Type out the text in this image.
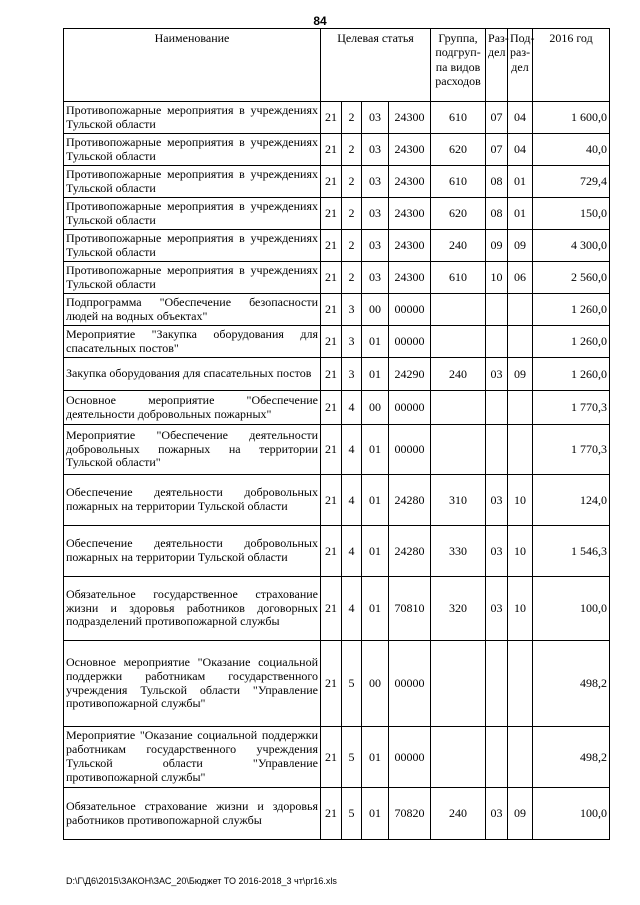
84
Наименование	Целевая статья				Группа, подгруп- па видов расходов	Раз- дел	Под- раз- дел	2016 год
Противопожарные мероприятия в учреждениях Тульской области	21	2	03	24300	610	07	04	1 600,0
Противопожарные мероприятия в учреждениях Тульской области	21	2	03	24300	620	07	04	40,0
Противопожарные мероприятия в учреждениях Тульской области	21	2	03	24300	610	08	01	729,4
Противопожарные мероприятия в учреждениях Тульской области	21	2	03	24300	620	08	01	150,0
Противопожарные мероприятия в учреждениях Тульской области	21	2	03	24300	240	09	09	4 300,0
Противопожарные мероприятия в учреждениях Тульской области	21	2	03	24300	610	10	06	2 560,0
Подпрограмма "Обеспечение безопасности людей на водных объектах"	21	3	00	00000				1 260,0
Мероприятие "Закупка оборудования для спасательных постов"	21	3	01	00000				1 260,0
Закупка оборудования для спасательных постов	21	3	01	24290	240	03	09	1 260,0
Основное мероприятие "Обеспечение деятельности добровольных пожарных"	21	4	00	00000				1 770,3
Мероприятие "Обеспечение деятельности добровольных пожарных на территории Тульской области"	21	4	01	00000				1 770,3
Обеспечение деятельности добровольных пожарных на территории Тульской области	21	4	01	24280	310	03	10	124,0
Обеспечение деятельности добровольных пожарных на территории Тульской области	21	4	01	24280	330	03	10	1 546,3
Обязательное государственное страхование жизни и здоровья работников договорных подразделений противопожарной службы	21	4	01	70810	320	03	10	100,0
Основное мероприятие "Оказание социальной поддержки работникам государственного учреждения Тульской области "Управление противопожарной службы"	21	5	00	00000				498,2
Мероприятие "Оказание социальной поддержки работникам государственного учреждения Тульской области "Управление противопожарной службы"	21	5	01	00000				498,2
Обязательное страхование жизни и здоровья работников противопожарной службы	21	5	01	70820	240	03	09	100,0
D:\Г\Д6\2015\ЗАКОН\ЗАС_20\Бюджет ТО 2016-2018_3 чт\pr16.xls
